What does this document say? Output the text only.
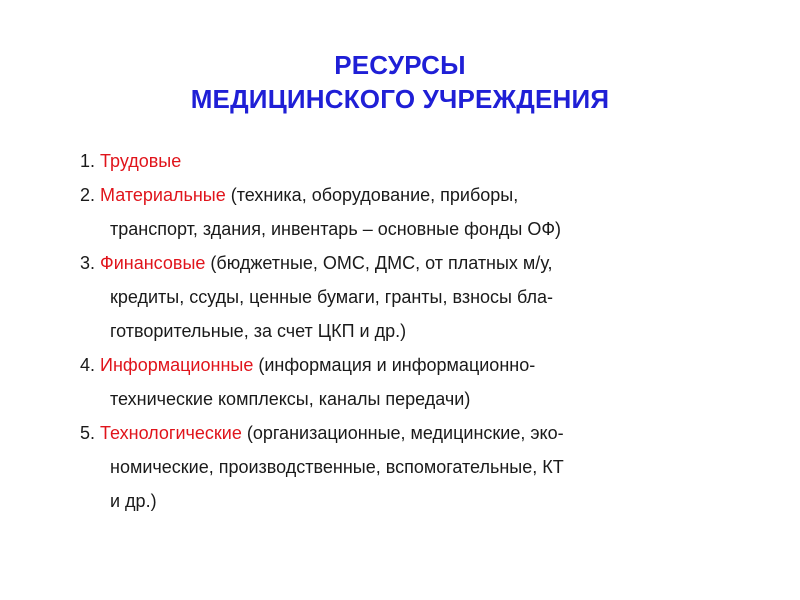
РЕСУРСЫ
МЕДИЦИНСКОГО УЧРЕЖДЕНИЯ
1. Трудовые
2. Материальные (техника, оборудование, приборы,
транспорт, здания, инвентарь – основные фонды ОФ)
3. Финансовые (бюджетные, ОМС, ДМС, от платных м/у,
кредиты, ссуды, ценные бумаги, гранты, взносы бла-
готворительные, за счет ЦКП и др.)
4. Информационные (информация и информационно-
технические комплексы, каналы передачи)
5. Технологические (организационные, медицинские, эко-
номические, производственные, вспомогательные, КТ
и др.)
